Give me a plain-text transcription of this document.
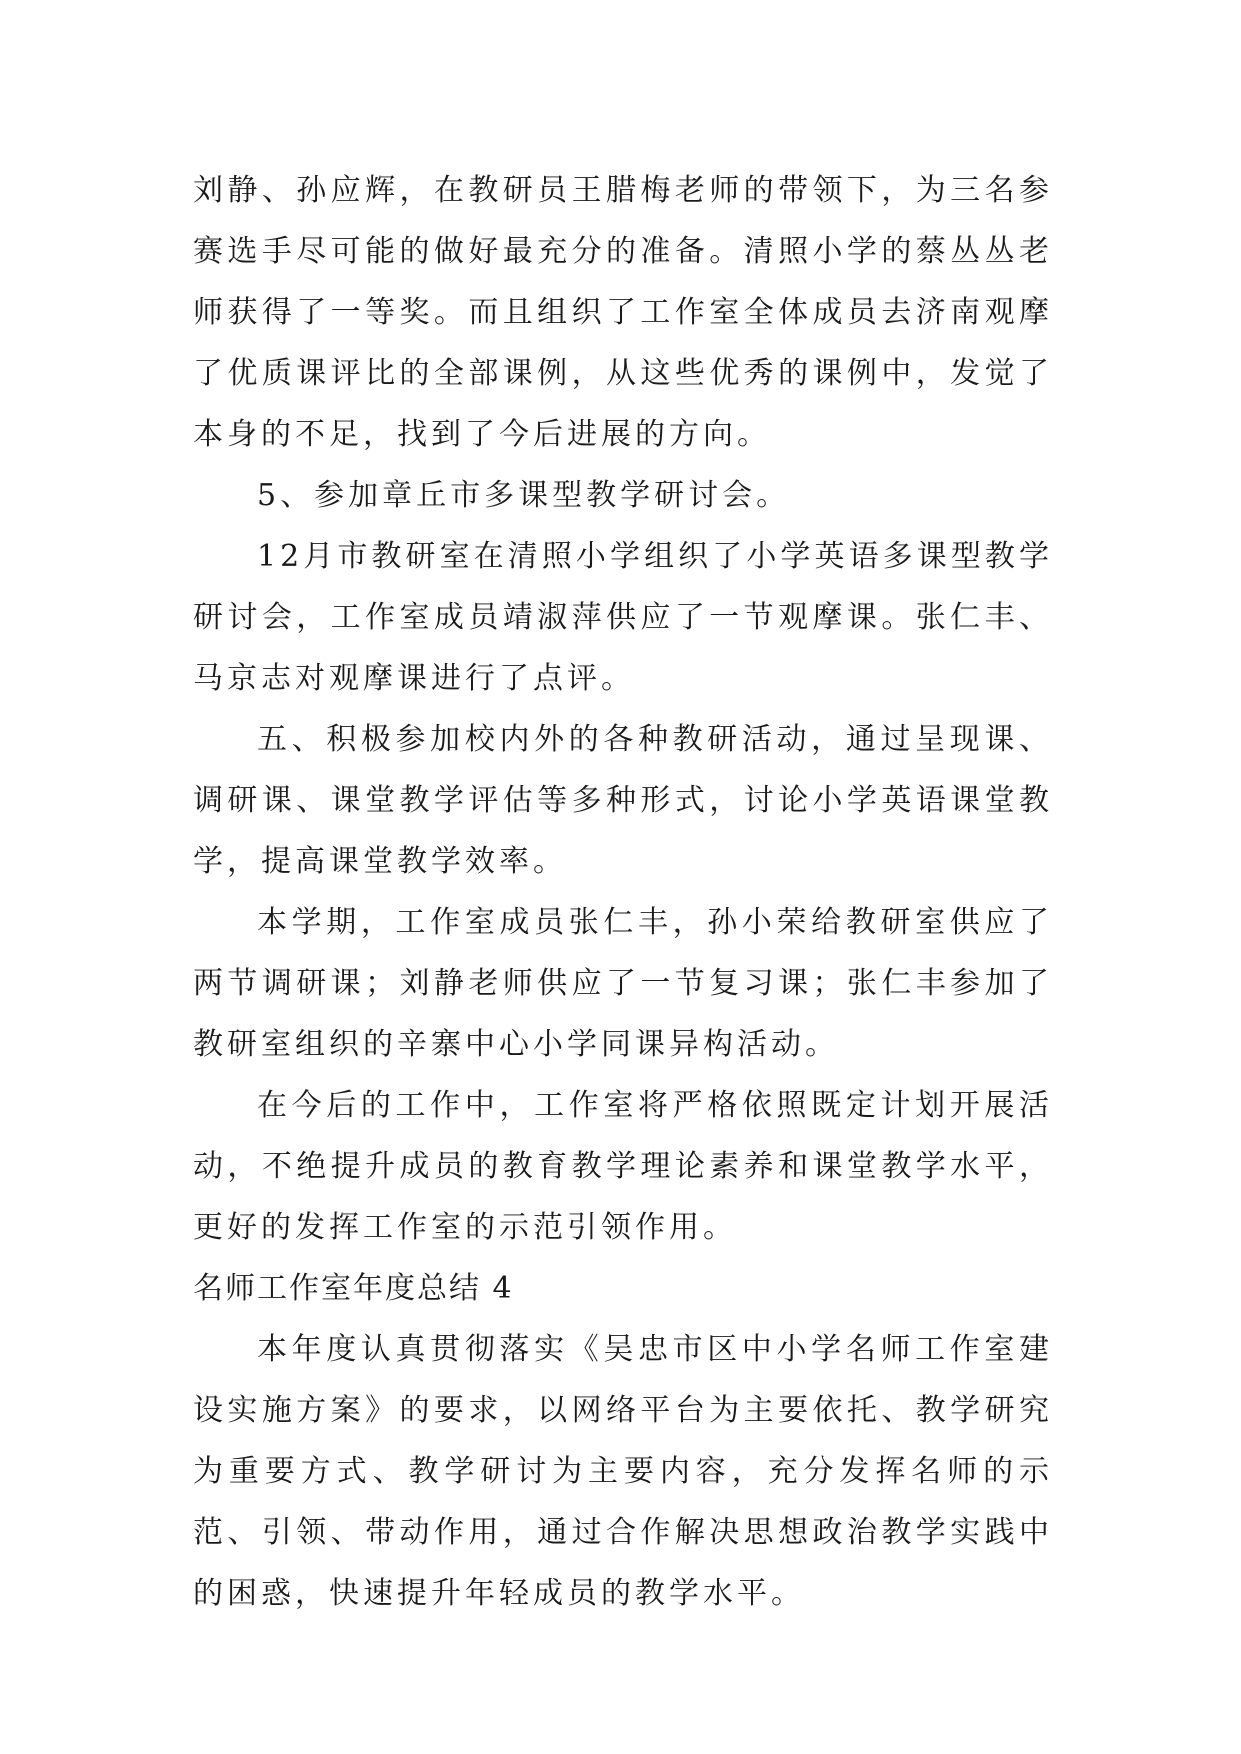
刘静、孙应辉，在教研员王腊梅老师的带领下，为三名参赛选手尽可能的做好最充分的准备。清照小学的蔡丛丛老师获得了一等奖。而且组织了工作室全体成员去济南观摩了优质课评比的全部课例，从这些优秀的课例中，发觉了本身的不足，找到了今后进展的方向。

5、参加章丘市多课型教学研讨会。

12月市教研室在清照小学组织了小学英语多课型教学研讨会，工作室成员靖淑萍供应了一节观摩课。张仁丰、马京志对观摩课进行了点评。

五、积极参加校内外的各种教研活动，通过呈现课、调研课、课堂教学评估等多种形式，讨论小学英语课堂教学，提高课堂教学效率。

本学期，工作室成员张仁丰，孙小荣给教研室供应了两节调研课；刘静老师供应了一节复习课；张仁丰参加了教研室组织的辛寨中心小学同课异构活动。

在今后的工作中，工作室将严格依照既定计划开展活动，不绝提升成员的教育教学理论素养和课堂教学水平，更好的发挥工作室的示范引领作用。

名师工作室年度总结 4

本年度认真贯彻落实《吴忠市区中小学名师工作室建设实施方案》的要求，以网络平台为主要依托、教学研究为重要方式、教学研讨为主要内容，充分发挥名师的示范、引领、带动作用，通过合作解决思想政治教学实践中的困惑，快速提升年轻成员的教学水平。
